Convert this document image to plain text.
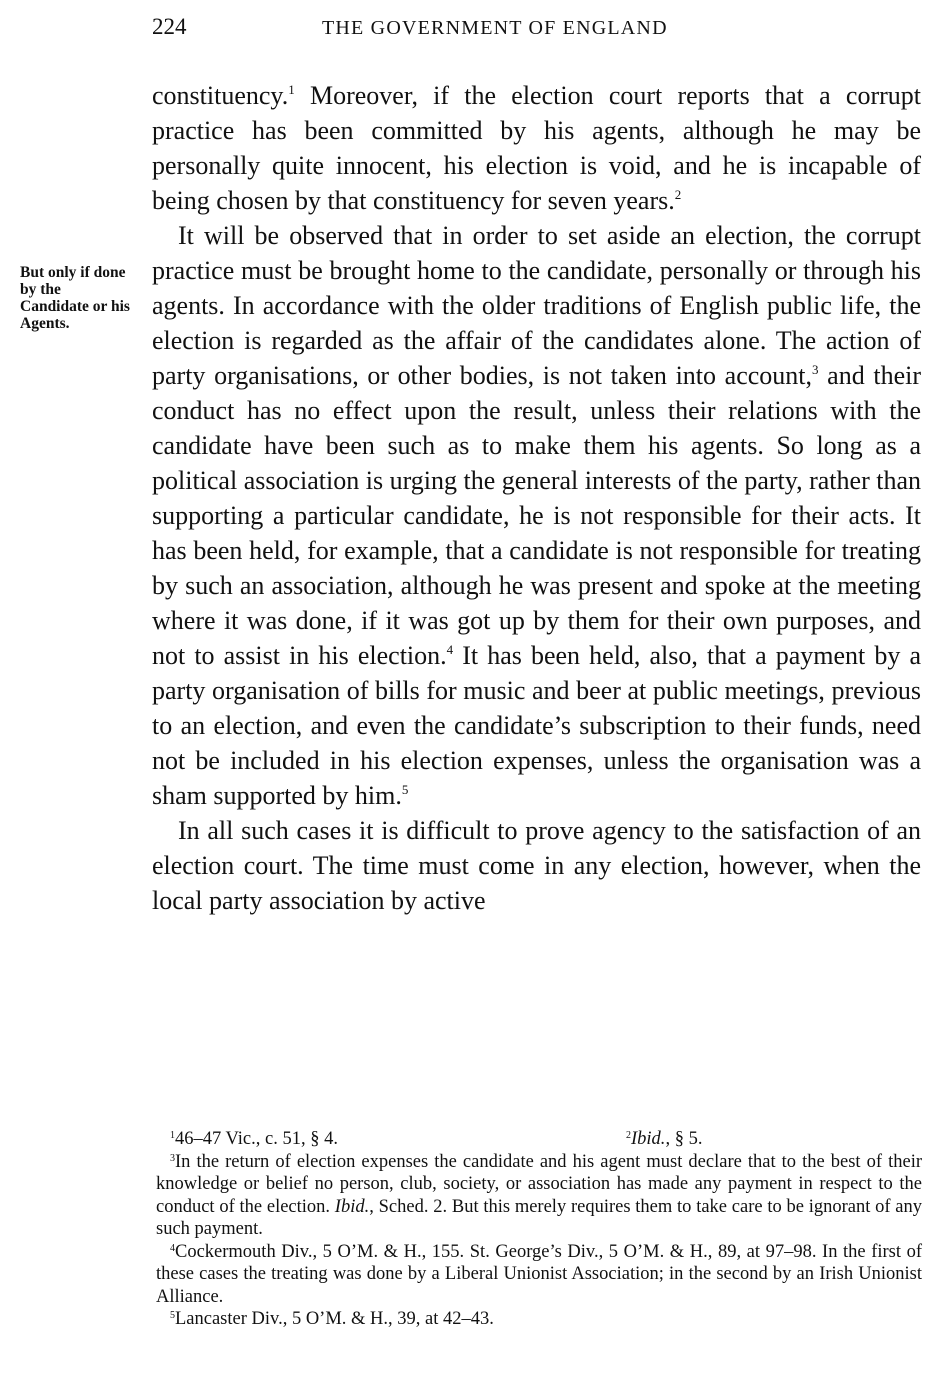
224	THE GOVERNMENT OF ENGLAND
But only if done by the Candidate or his Agents.

constituency.$^1$ Moreover, if the election court reports that a corrupt practice has been committed by his agents, although he may be personally quite innocent, his election is void, and he is incapable of being chosen by that constituency for seven years.$^2$

It will be observed that in order to set aside an election, the corrupt practice must be brought home to the candidate, personally or through his agents. In accordance with the older traditions of English public life, the election is regarded as the affair of the candidates alone. The action of party organisations, or other bodies, is not taken into account,$^3$ and their conduct has no effect upon the result, unless their relations with the candidate have been such as to make them his agents. So long as a political association is urging the general interests of the party, rather than supporting a particular candidate, he is not responsible for their acts. It has been held, for example, that a candidate is not responsible for treating by such an association, although he was present and spoke at the meeting where it was done, if it was got up by them for their own purposes, and not to assist in his election.$^4$ It has been held, also, that a payment by a party organisation of bills for music and beer at public meetings, previous to an election, and even the candidate’s subscription to their funds, need not be included in his election expenses, unless the organisation was a sham supported by him.$^5$

In all such cases it is difficult to prove agency to the satisfaction of an election court. The time must come in any election, however, when the local party association by active

$^1$46–47 Vic., c. 51, § 4.	$^2$Ibid., § 5.

$^3$In the return of election expenses the candidate and his agent must declare that to the best of their knowledge or belief no person, club, society, or association has made any payment in respect to the conduct of the election. Ibid., Sched. 2. But this merely requires them to take care to be ignorant of any such payment.

$^4$Cockermouth Div., 5 O’M. & H., 155. St. George’s Div., 5 O’M. & H., 89, at 97–98. In the first of these cases the treating was done by a Liberal Unionist Association; in the second by an Irish Unionist Alliance.

$^5$Lancaster Div., 5 O’M. & H., 39, at 42–43.
